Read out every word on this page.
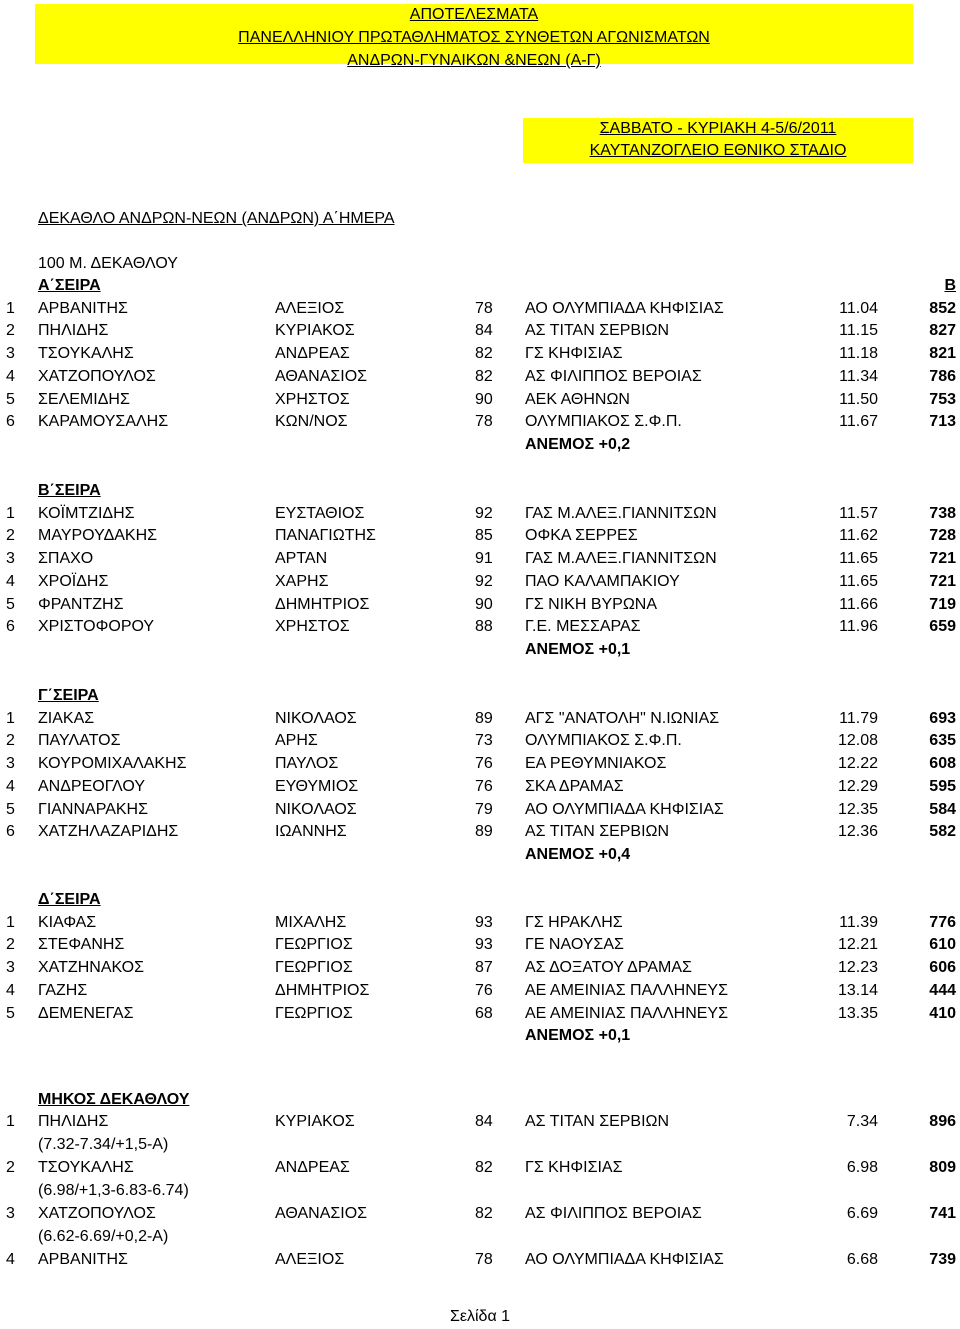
ΑΠΟΤΕΛΕΣΜΑΤΑ
ΠΑΝΕΛΛΗΝΙΟΥ ΠΡΩΤΑΘΛΗΜΑΤΟΣ ΣΥΝΘΕΤΩΝ ΑΓΩΝΙΣΜΑΤΩΝ
ΑΝΔΡΩΝ-ΓΥΝΑΙΚΩΝ &ΝΕΩΝ (Α-Γ)
ΣΑΒΒΑΤΟ - ΚΥΡΙΑΚΗ 4-5/6/2011
ΚΑΥΤΑΝΖΟΓΛΕΙΟ ΕΘΝΙΚΟ ΣΤΑΔΙΟ
ΔΕΚΑΘΛΟ ΑΝΔΡΩΝ-ΝΕΩΝ (ΑΝΔΡΩΝ) Α΄ΗΜΕΡΑ
100 Μ. ΔΕΚΑΘΛΟΥ
Α΄ΣΕΙΡΑ	Β
1 ΑΡΒΑΝΙΤΗΣ	ΑΛΕΞΙΟΣ	78 ΑΟ ΟΛΥΜΠΙΑΔΑ ΚΗΦΙΣΙΑΣ	11.04	852
2 ΠΗΛΙΔΗΣ	ΚΥΡΙΑΚΟΣ	84 ΑΣ ΤΙΤΑΝ ΣΕΡΒΙΩΝ	11.15	827
3 ΤΣΟΥΚΑΛΗΣ	ΑΝΔΡΕΑΣ	82 ΓΣ ΚΗΦΙΣΙΑΣ	11.18	821
4 ΧΑΤΖΟΠΟΥΛΟΣ	ΑΘΑΝΑΣΙΟΣ	82 ΑΣ ΦΙΛΙΠΠΟΣ ΒΕΡΟΙΑΣ	11.34	786
5 ΣΕΛΕΜΙΔΗΣ	ΧΡΗΣΤΟΣ	90 ΑΕΚ ΑΘΗΝΩΝ	11.50	753
6 ΚΑΡΑΜΟΥΣΑΛΗΣ	ΚΩΝ/ΝΟΣ	78 ΟΛΥΜΠΙΑΚΟΣ Σ.Φ.Π.	11.67	713
ΑΝΕΜΟΣ +0,2
Β΄ΣΕΙΡΑ
1 ΚΟΪΜΤΖΙΔΗΣ	ΕΥΣΤΑΘΙΟΣ	92 ΓΑΣ Μ.ΑΛΕΞ.ΓΙΑΝΝΙΤΣΩΝ	11.57	738
2 ΜΑΥΡΟΥΔΑΚΗΣ	ΠΑΝΑΓΙΩΤΗΣ	85 ΟΦΚΑ ΣΕΡΡΕΣ	11.62	728
3 ΣΠΑΧΟ	ΑΡΤΑΝ	91 ΓΑΣ Μ.ΑΛΕΞ.ΓΙΑΝΝΙΤΣΩΝ	11.65	721
4 ΧΡΟΪΔΗΣ	ΧΑΡΗΣ	92 ΠΑΟ ΚΑΛΑΜΠΑΚΙΟΥ	11.65	721
5 ΦΡΑΝΤΖΗΣ	ΔΗΜΗΤΡΙΟΣ	90 ΓΣ ΝΙΚΗ ΒΥΡΩΝΑ	11.66	719
6 ΧΡΙΣΤΟΦΟΡΟΥ	ΧΡΗΣΤΟΣ	88 Γ.Ε. ΜΕΣΣΑΡΑΣ	11.96	659
ΑΝΕΜΟΣ +0,1
Γ΄ΣΕΙΡΑ
1 ΖΙΑΚΑΣ	ΝΙΚΟΛΑΟΣ	89 ΑΓΣ "ΑΝΑΤΟΛΗ" Ν.ΙΩΝΙΑΣ	11.79	693
2 ΠΑΥΛΑΤΟΣ	ΑΡΗΣ	73 ΟΛΥΜΠΙΑΚΟΣ Σ.Φ.Π.	12.08	635
3 ΚΟΥΡΟΜΙΧΑΛΑΚΗΣ	ΠΑΥΛΟΣ	76 ΕΑ ΡΕΘΥΜΝΙΑΚΟΣ	12.22	608
4 ΑΝΔΡΕΟΓΛΟΥ	ΕΥΘΥΜΙΟΣ	76 ΣΚΑ ΔΡΑΜΑΣ	12.29	595
5 ΓΙΑΝΝΑΡΑΚΗΣ	ΝΙΚΟΛΑΟΣ	79 ΑΟ ΟΛΥΜΠΙΑΔΑ ΚΗΦΙΣΙΑΣ	12.35	584
6 ΧΑΤΖΗΛΑΖΑΡΙΔΗΣ	ΙΩΑΝΝΗΣ	89 ΑΣ ΤΙΤΑΝ ΣΕΡΒΙΩΝ	12.36	582
ΑΝΕΜΟΣ +0,4
Δ΄ΣΕΙΡΑ
1 ΚΙΑΦΑΣ	ΜΙΧΑΛΗΣ	93 ΓΣ ΗΡΑΚΛΗΣ	11.39	776
2 ΣΤΕΦΑΝΗΣ	ΓΕΩΡΓΙΟΣ	93 ΓΕ ΝΑΟΥΣΑΣ	12.21	610
3 ΧΑΤΖΗΝΑΚΟΣ	ΓΕΩΡΓΙΟΣ	87 ΑΣ ΔΟΞΑΤΟΥ ΔΡΑΜΑΣ	12.23	606
4 ΓΑΖΗΣ	ΔΗΜΗΤΡΙΟΣ	76 ΑΕ ΑΜΕΙΝΙΑΣ ΠΑΛΛΗΝΕΥΣ	13.14	444
5 ΔΕΜΕΝΕΓΑΣ	ΓΕΩΡΓΙΟΣ	68 ΑΕ ΑΜΕΙΝΙΑΣ ΠΑΛΛΗΝΕΥΣ	13.35	410
ΑΝΕΜΟΣ +0,1
ΜΗΚΟΣ ΔΕΚΑΘΛΟΥ
1 ΠΗΛΙΔΗΣ	ΚΥΡΙΑΚΟΣ	84 ΑΣ ΤΙΤΑΝ ΣΕΡΒΙΩΝ	7.34	896
(7.32-7.34/+1,5-Α)
2 ΤΣΟΥΚΑΛΗΣ	ΑΝΔΡΕΑΣ	82 ΓΣ ΚΗΦΙΣΙΑΣ	6.98	809
(6.98/+1,3-6.83-6.74)
3 ΧΑΤΖΟΠΟΥΛΟΣ	ΑΘΑΝΑΣΙΟΣ	82 ΑΣ ΦΙΛΙΠΠΟΣ ΒΕΡΟΙΑΣ	6.69	741
(6.62-6.69/+0,2-Α)
4 ΑΡΒΑΝΙΤΗΣ	ΑΛΕΞΙΟΣ	78 ΑΟ ΟΛΥΜΠΙΑΔΑ ΚΗΦΙΣΙΑΣ	6.68	739
Σελίδα 1
